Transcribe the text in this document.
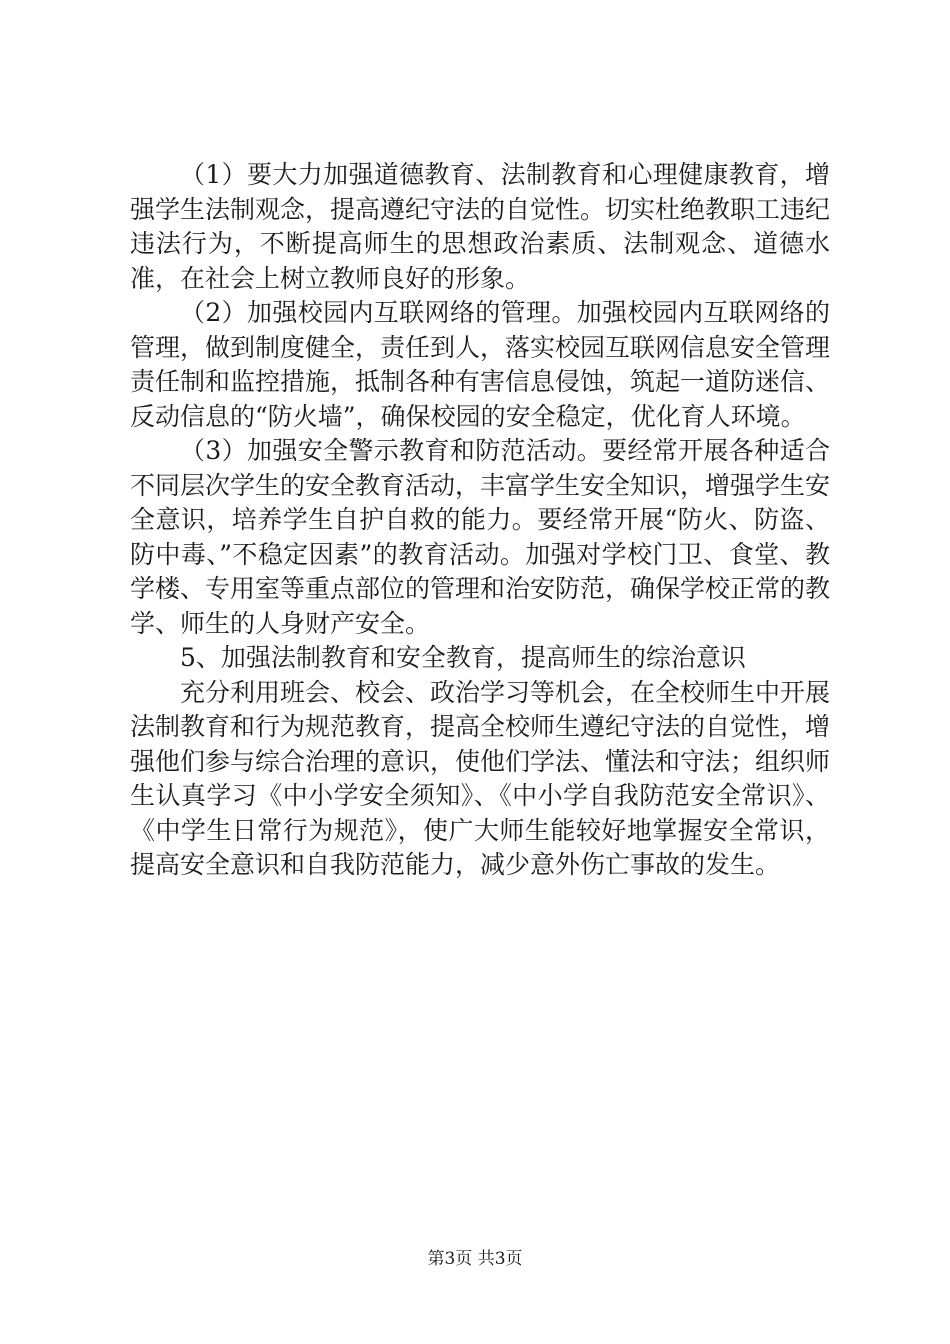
（1）要大力加强道德教育、法制教育和心理健康教育，增强学生法制观念，提高遵纪守法的自觉性。切实杜绝教职工违纪违法行为，不断提高师生的思想政治素质、法制观念、道德水准，在社会上树立教师良好的形象。

（2）加强校园内互联网络的管理。加强校园内互联网络的管理，做到制度健全，责任到人，落实校园互联网信息安全管理责任制和监控措施，抵制各种有害信息侵蚀，筑起一道防迷信、反动信息的“防火墙”，确保校园的安全稳定，优化育人环境。

（3）加强安全警示教育和防范活动。要经常开展各种适合不同层次学生的安全教育活动，丰富学生安全知识，增强学生安全意识，培养学生自护自救的能力。要经常开展“防火、防盗、防中毒、”不稳定因素”的教育活动。加强对学校门卫、食堂、教学楼、专用室等重点部位的管理和治安防范，确保学校正常的教学、师生的人身财产安全。

5、加强法制教育和安全教育，提高师生的综治意识

充分利用班会、校会、政治学习等机会，在全校师生中开展法制教育和行为规范教育，提高全校师生遵纪守法的自觉性，增强他们参与综合治理的意识，使他们学法、懂法和守法；组织师生认真学习《中小学安全须知》、《中小学自我防范安全常识》、《中学生日常行为规范》，使广大师生能较好地掌握安全常识，提高安全意识和自我防范能力，减少意外伤亡事故的发生。

第3页 共3页
